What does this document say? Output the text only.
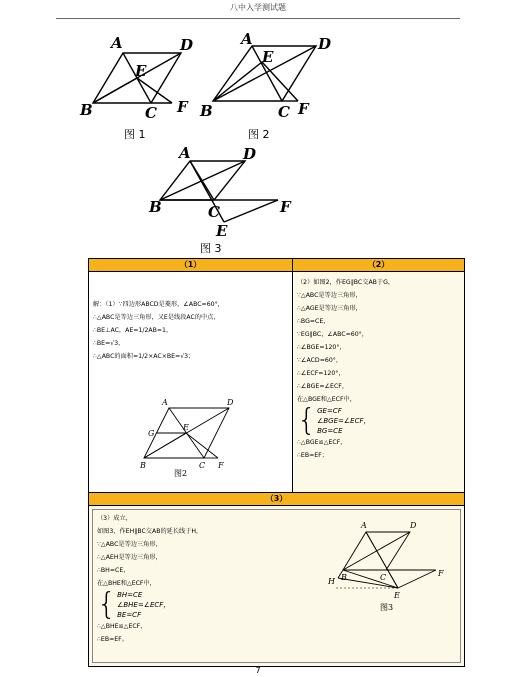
八中入学测试题
A	D
E
B	C F
图 1
A	D
E
B	C F
图 2
A	D
B	C	F
E
图 3
（1）	（2）
解：（1）∵四边形ABCD是菱形，∠ABC=60°，
∴△ABC是等边三角形，又E是线段AC的中点，
∴BE⊥AC，AE=1/2AB=1，
∴BE=√3，
∴△ABC的面积=1/2×AC×BE=√3；
A	D
G
E
B	C F
图2
（2）如图2，作EG∥BC交AB于G，
∵△ABC是等边三角形，
∴△AGE是等边三角形，
∴BG=CE，
∵EG∥BC，∠ABC=60°，
∴∠BGE=120°，
∵∠ACD=60°，
∴∠ECF=120°，
∴∠BGE=∠ECF，
在△BGE和△ECF中，
{ GE=CF
∠BGE=∠ECF，
BG=CE
∴△BGE≌△ECF，
∴EB=EF；
（3）
（3）成立，
如图3，作EH∥BC交AB的延长线于H，
∵△ABC是等边三角形，
∴△AEH是等边三角形，
∴BH=CE，
在△BHE和△ECF中，
{ BH=CE
∠BHE=∠ECF，
BE=CF
∴△BHE≌△ECF，
∴EB=EF。
A	D
B	C	F
H
E
图3
7
